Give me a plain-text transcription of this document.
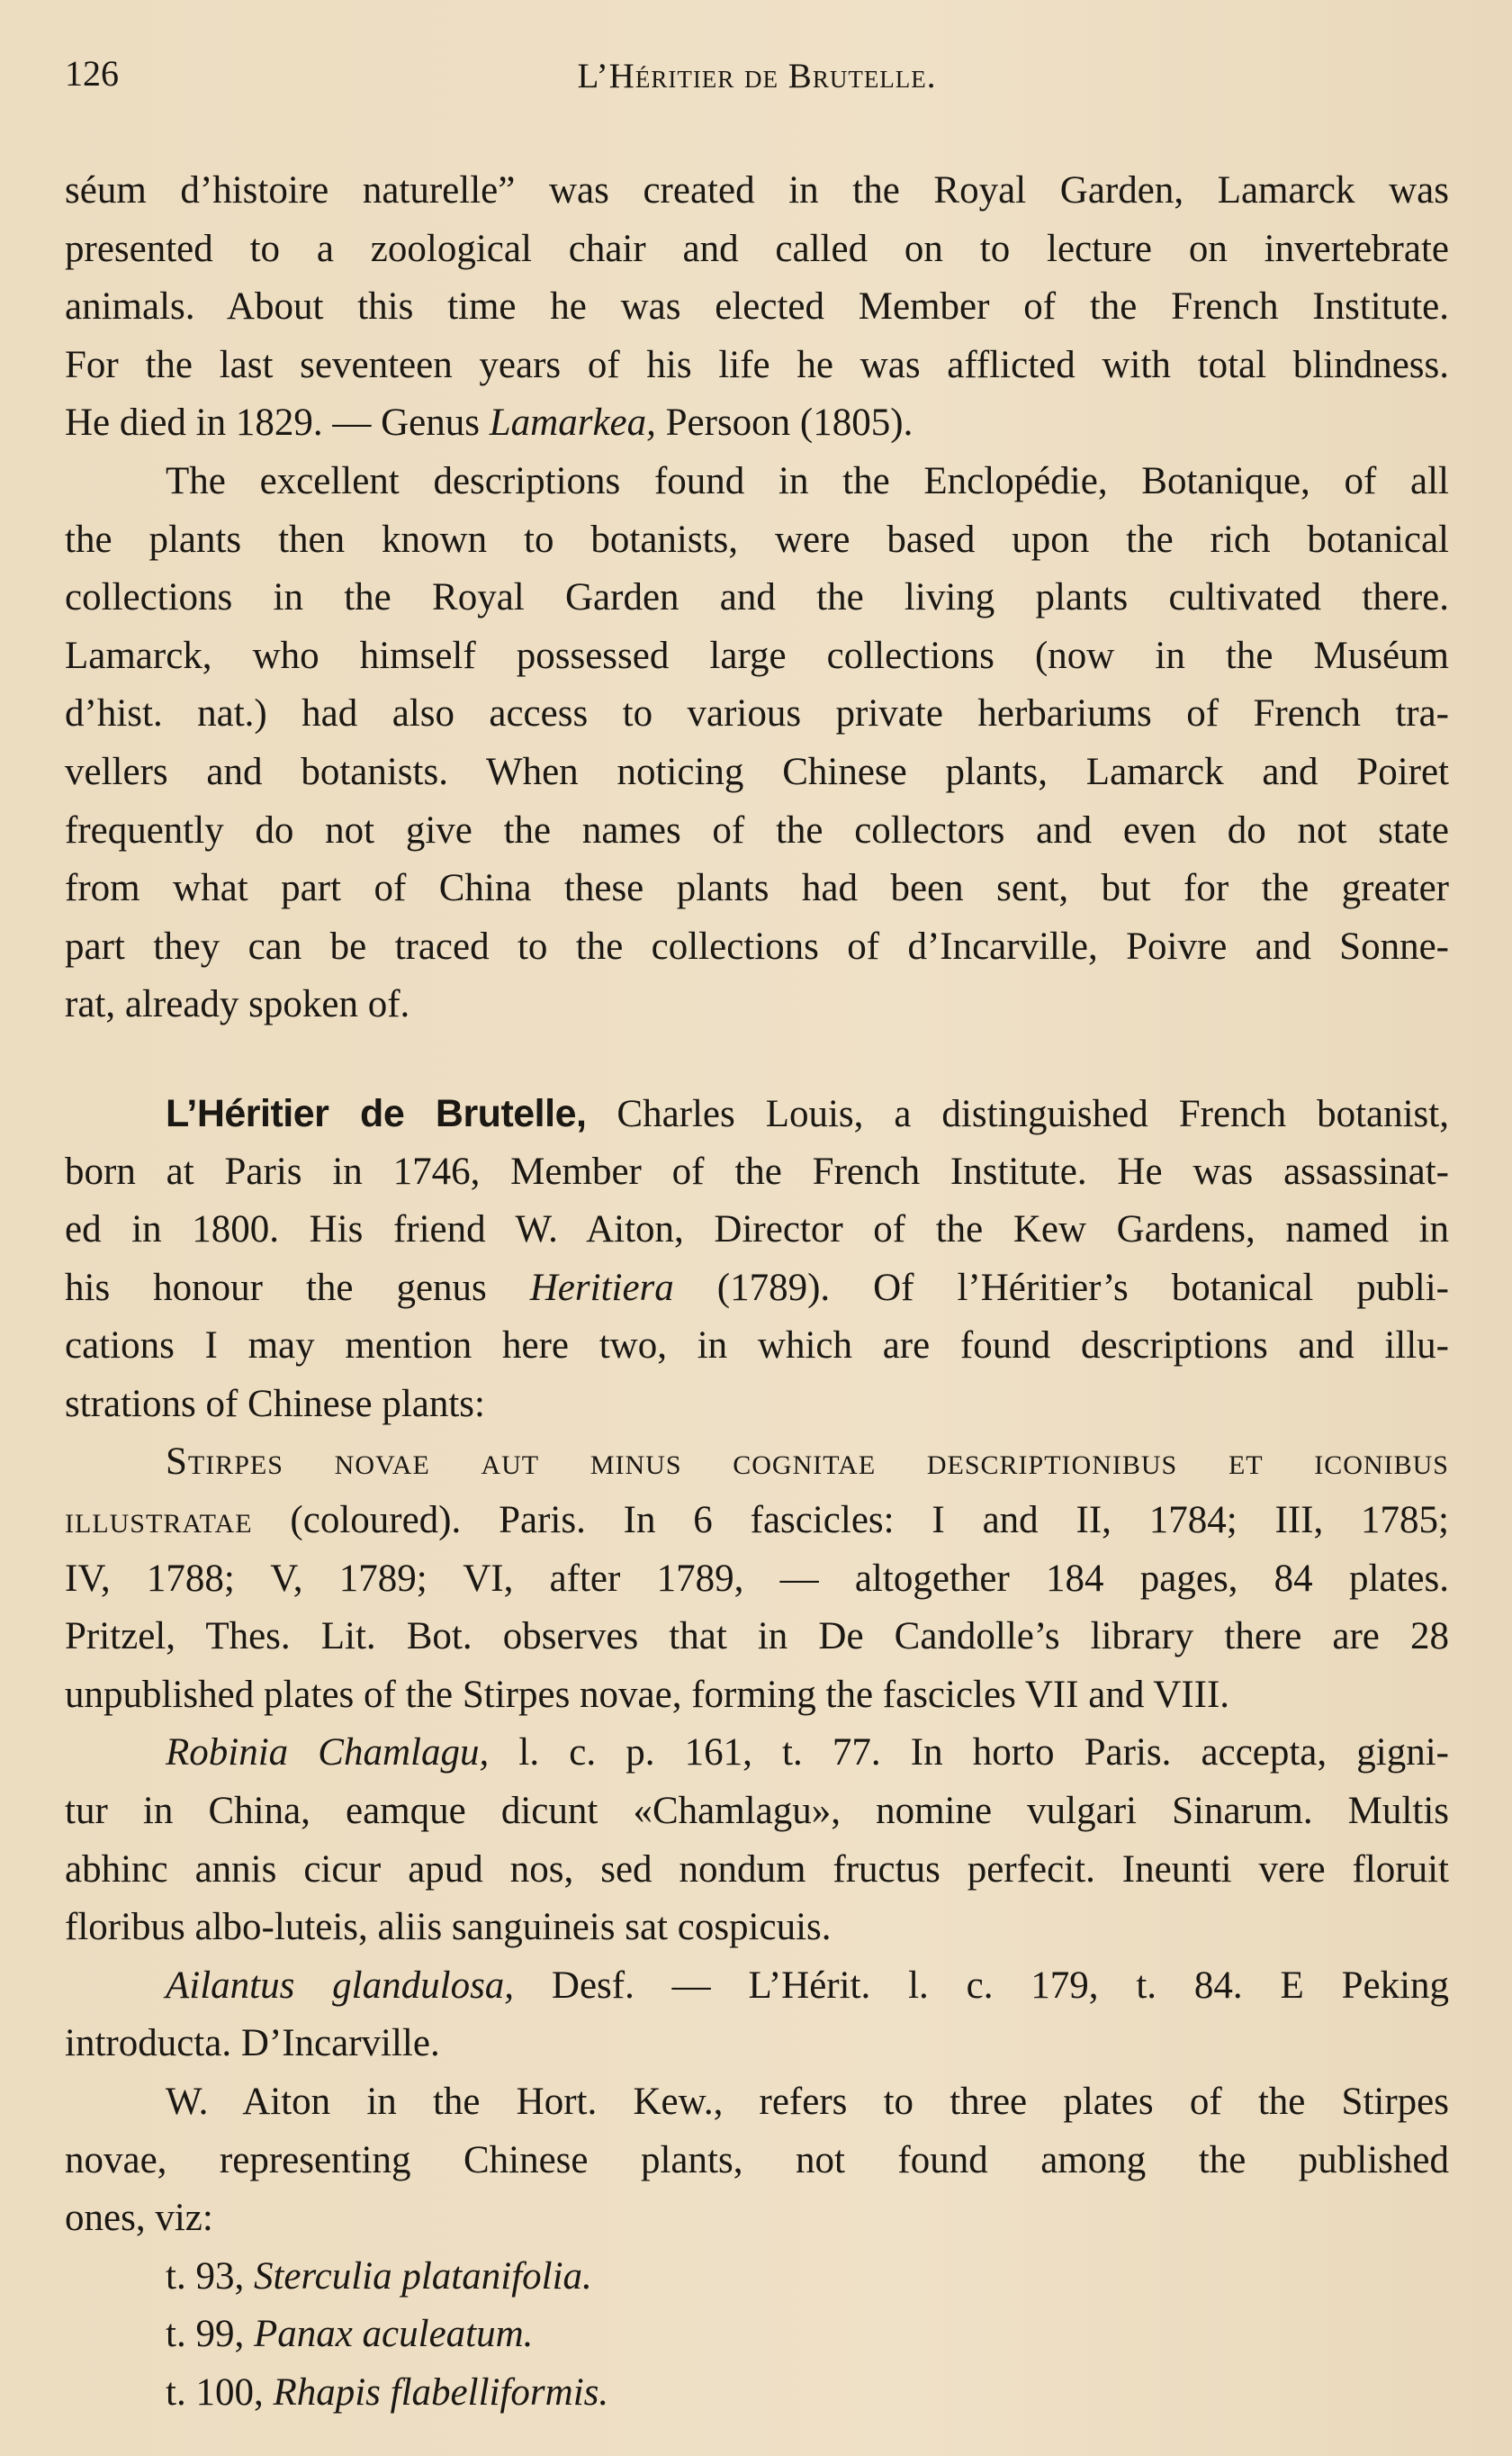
126	L’Héritier de Brutelle.
séum d’histoire naturelle” was created in the Royal Garden, Lamarck was
presented to a zoological chair and called on to lecture on invertebrate
animals. About this time he was elected Member of the French Institute.
For the last seventeen years of his life he was afflicted with total blindness.
He died in 1829. — Genus Lamarkea, Persoon (1805).
The excellent descriptions found in the Enclopédie, Botanique, of all
the plants then known to botanists, were based upon the rich botanical
collections in the Royal Garden and the living plants cultivated there.
Lamarck, who himself possessed large collections (now in the Muséum
d’hist. nat.) had also access to various private herbariums of French tra-
vellers and botanists. When noticing Chinese plants, Lamarck and Poiret
frequently do not give the names of the collectors and even do not state
from what part of China these plants had been sent, but for the greater
part they can be traced to the collections of d’Incarville, Poivre and Sonne-
rat, already spoken of.
L’Héritier de Brutelle, Charles Louis, a distinguished French botanist,
born at Paris in 1746, Member of the French Institute. He was assassinat-
ed in 1800. His friend W. Aiton, Director of the Kew Gardens, named in
his honour the genus Heritiera (1789). Of l’Héritier’s botanical publi-
cations I may mention here two, in which are found descriptions and illu-
strations of Chinese plants:
Stirpes novae aut minus cognitae descriptionibus et iconibus
illustratae (coloured). Paris. In 6 fascicles: I and II, 1784; III, 1785;
IV, 1788; V, 1789; VI, after 1789, — altogether 184 pages, 84 plates.
Pritzel, Thes. Lit. Bot. observes that in De Candolle’s library there are 28
unpublished plates of the Stirpes novae, forming the fascicles VII and VIII.
Robinia Chamlagu, l. c. p. 161, t. 77. In horto Paris. accepta, gigni-
tur in China, eamque dicunt «Chamlagu», nomine vulgari Sinarum. Multis
abhinc annis cicur apud nos, sed nondum fructus perfecit. Ineunti vere floruit
floribus albo-luteis, aliis sanguineis sat cospicuis.
Ailantus glandulosa, Desf. — L’Hérit. l. c. 179, t. 84. E Peking
introducta. D’Incarville.
W. Aiton in the Hort. Kew., refers to three plates of the Stirpes
novae, representing Chinese plants, not found among the published
ones, viz:
t. 93, Sterculia platanifolia.
t. 99, Panax aculeatum.
t. 100, Rhapis flabelliformis.
